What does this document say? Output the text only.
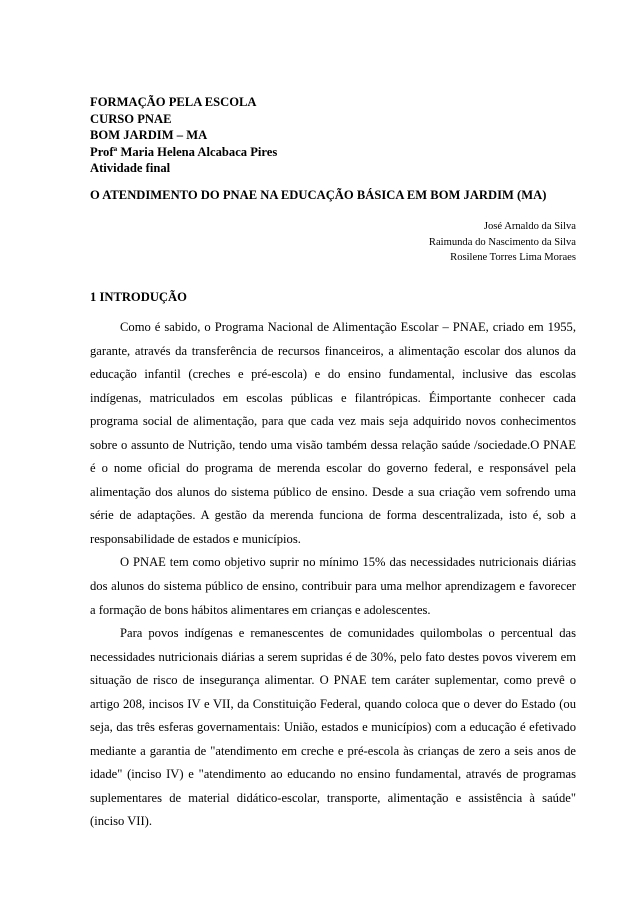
FORMAÇÃO PELA ESCOLA
CURSO PNAE
BOM JARDIM – MA
Profª Maria Helena Alcabaca Pires
Atividade final
O ATENDIMENTO DO PNAE NA EDUCAÇÃO BÁSICA EM BOM JARDIM (MA)
José Arnaldo da Silva
Raimunda do Nascimento da Silva
Rosilene Torres Lima Moraes
1 INTRODUÇÃO

Como é sabido, o Programa Nacional de Alimentação Escolar – PNAE, criado em 1955, garante, através da transferência de recursos financeiros, a alimentação escolar dos alunos da educação infantil (creches e pré-escola) e do ensino fundamental, inclusive das escolas indígenas, matriculados em escolas públicas e filantrópicas. Éimportante conhecer cada programa social de alimentação, para que cada vez mais seja adquirido novos conhecimentos sobre o assunto de Nutrição, tendo uma visão também dessa relação saúde /sociedade.O PNAE é o nome oficial do programa de merenda escolar do governo federal, e responsável pela alimentação dos alunos do sistema público de ensino. Desde a sua criação vem sofrendo uma série de adaptações. A gestão da merenda funciona de forma descentralizada, isto é, sob a responsabilidade de estados e municípios.

O PNAE tem como objetivo suprir no mínimo 15% das necessidades nutricionais diárias dos alunos do sistema público de ensino, contribuir para uma melhor aprendizagem e favorecer a formação de bons hábitos alimentares em crianças e adolescentes.

Para povos indígenas e remanescentes de comunidades quilombolas o percentual das necessidades nutricionais diárias a serem supridas é de 30%, pelo fato destes povos viverem em situação de risco de insegurança alimentar. O PNAE tem caráter suplementar, como prevê o artigo 208, incisos IV e VII, da Constituição Federal, quando coloca que o dever do Estado (ou seja, das três esferas governamentais: União, estados e municípios) com a educação é efetivado mediante a garantia de "atendimento em creche e pré-escola às crianças de zero a seis anos de idade" (inciso IV) e "atendimento ao educando no ensino fundamental, através de programas suplementares de material didático-escolar, transporte, alimentação e assistência à saúde" (inciso VII).
